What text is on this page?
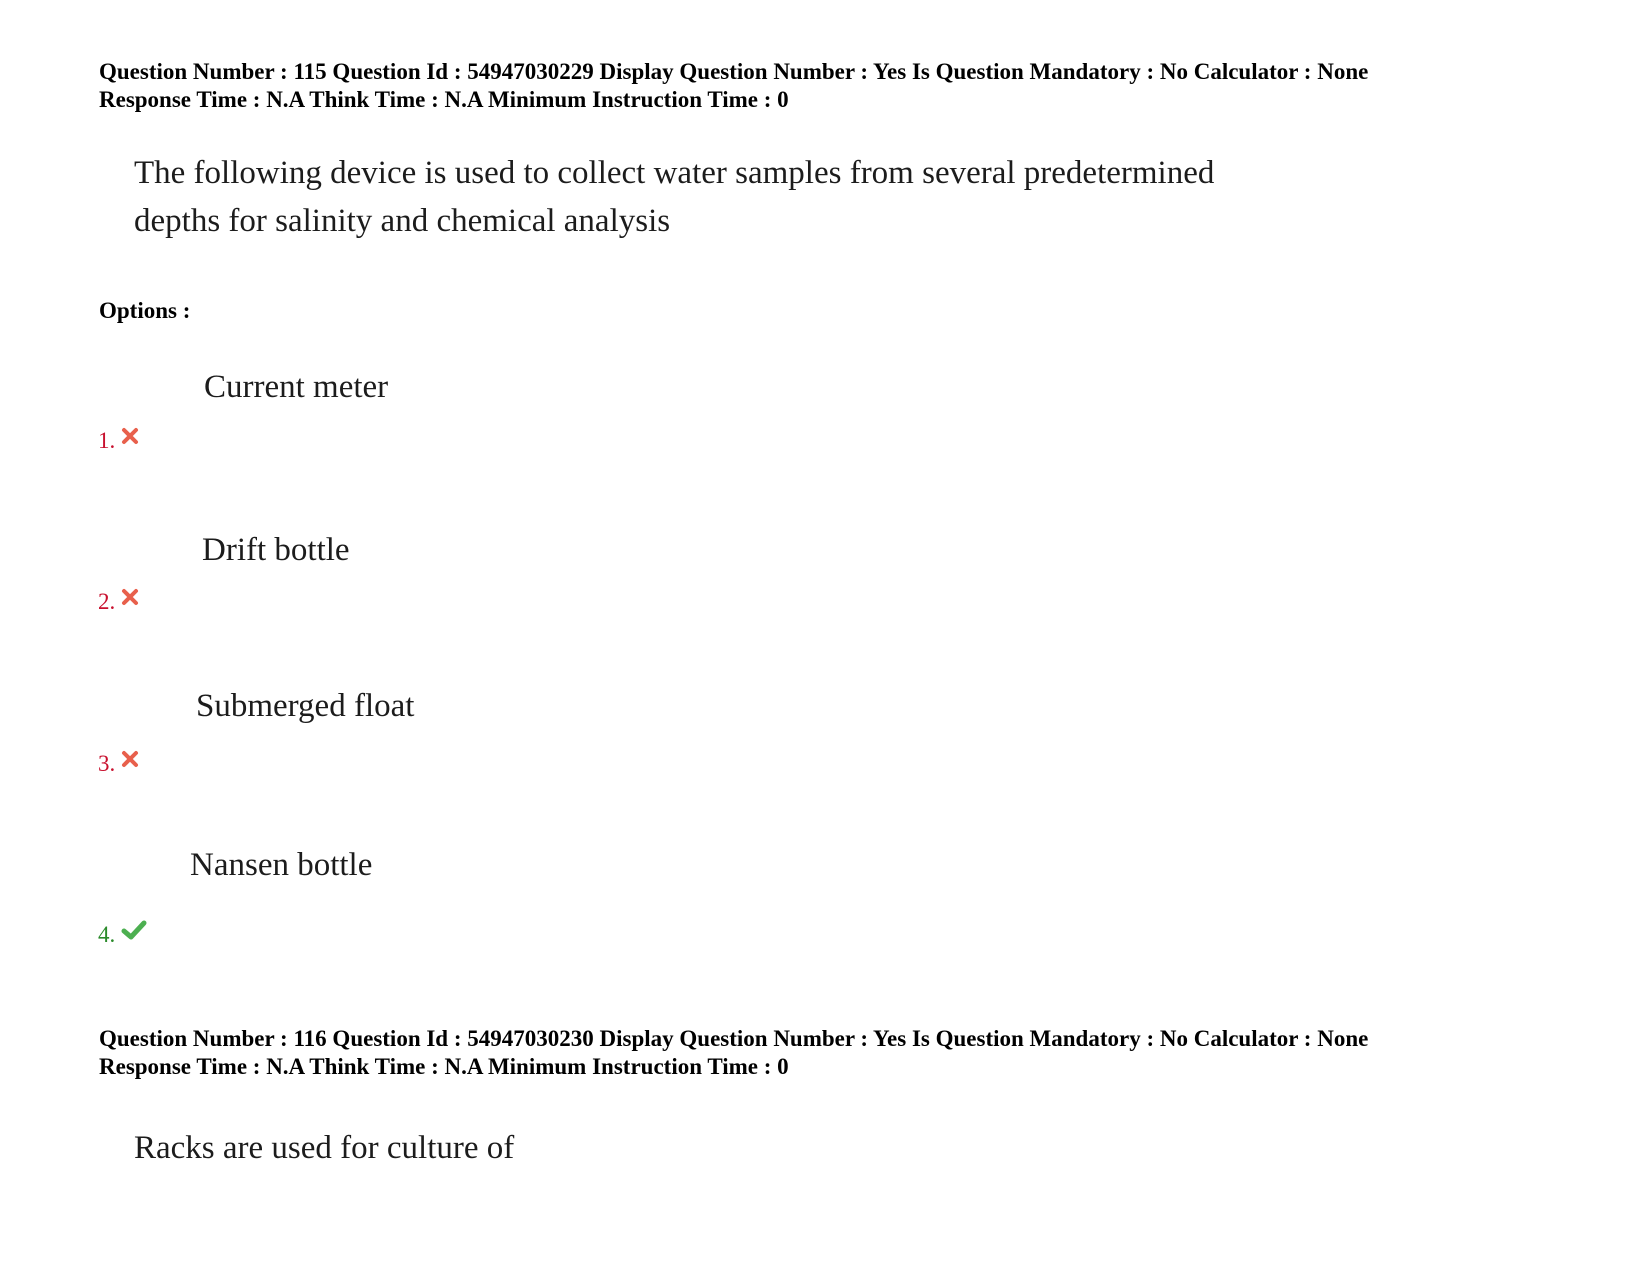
Question Number : 115 Question Id : 54947030229 Display Question Number : Yes Is Question Mandatory : No Calculator : None
Response Time : N.A Think Time : N.A Minimum Instruction Time : 0
The following device is used to collect water samples from several predetermined
depths for salinity and chemical analysis
Options :
Current meter
1.
Drift bottle
2.
Submerged float
3.
Nansen bottle
4.
Question Number : 116 Question Id : 54947030230 Display Question Number : Yes Is Question Mandatory : No Calculator : None
Response Time : N.A Think Time : N.A Minimum Instruction Time : 0
Racks are used for culture of
